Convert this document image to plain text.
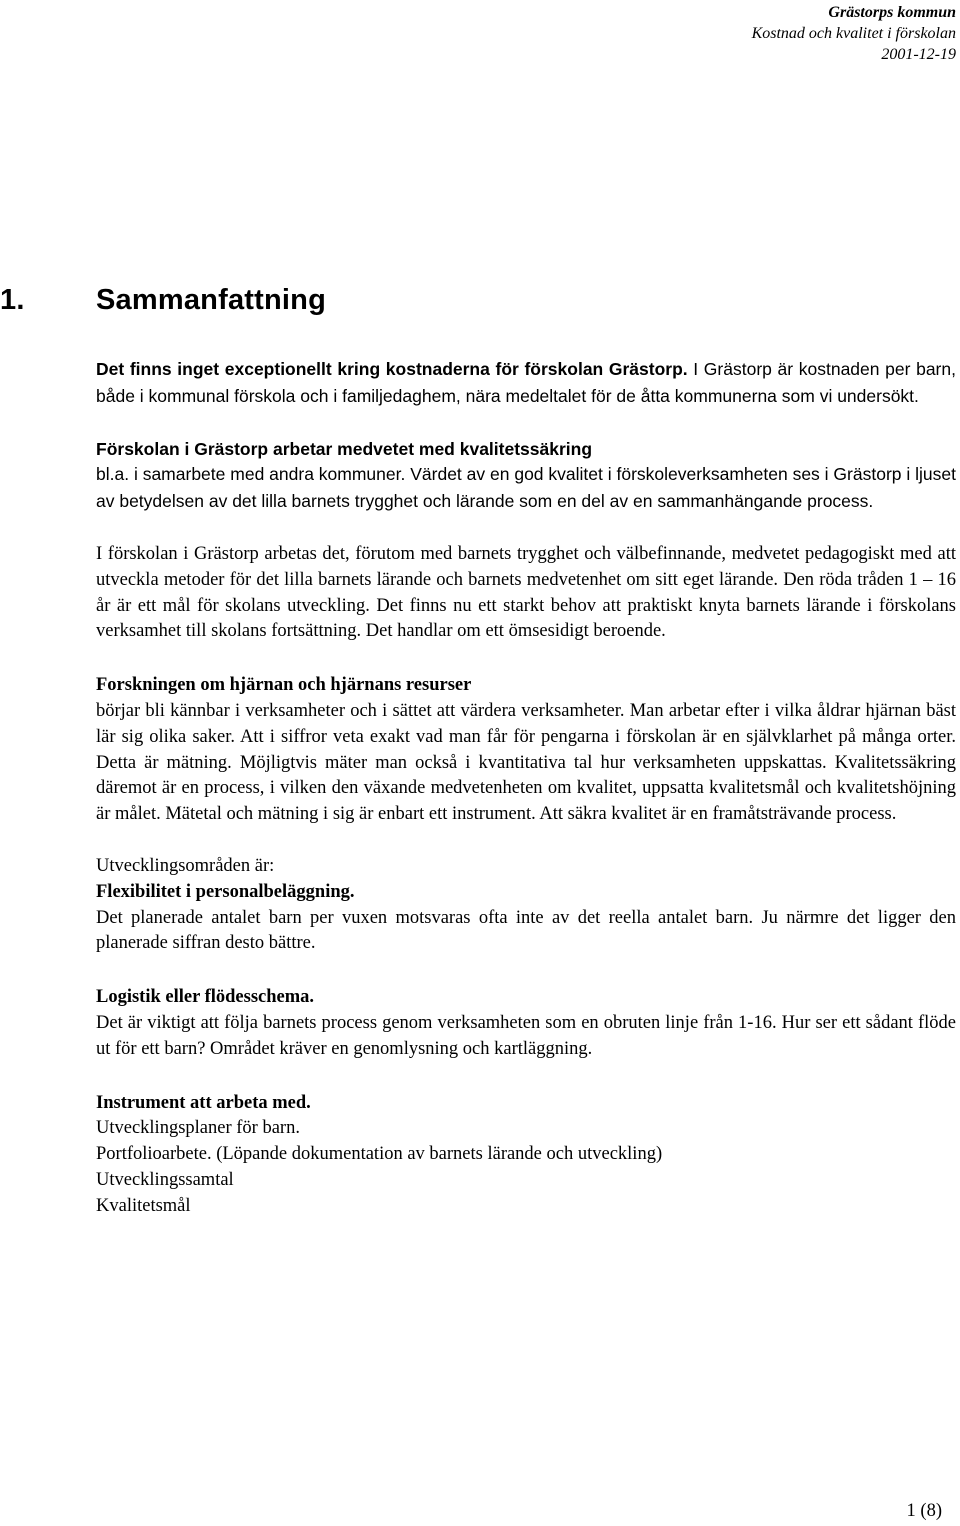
Grästorps kommun
Kostnad och kvalitet i förskolan
2001-12-19
1. Sammanfattning

Det finns inget exceptionellt kring kostnaderna för förskolan Grästorp. I Grästorp är kostnaden per barn, både i kommunal förskola och i familjedaghem, nära medeltalet för de åtta kommunerna som vi undersökt.

Förskolan i Grästorp arbetar medvetet med kvalitetssäkring

bl.a. i samarbete med andra kommuner. Värdet av en god kvalitet i förskoleverksamheten ses i Grästorp i ljuset av betydelsen av det lilla barnets trygghet och lärande som en del av en sammanhängande process.

I förskolan i Grästorp arbetas det, förutom med barnets trygghet och välbefinnande, medvetet pedagogiskt med att utveckla metoder för det lilla barnets lärande och barnets medvetenhet om sitt eget lärande. Den röda tråden 1 – 16 år är ett mål för skolans utveckling. Det finns nu ett starkt behov att praktiskt knyta barnets lärande i förskolans verksamhet till skolans fortsättning. Det handlar om ett ömsesidigt beroende.

Forskningen om hjärnan och hjärnans resurser

börjar bli kännbar i verksamheter och i sättet att värdera verksamheter. Man arbetar efter i vilka åldrar hjärnan bäst lär sig olika saker. Att i siffror veta exakt vad man får för pengarna i förskolan är en självklarhet på många orter. Detta är mätning. Möjligtvis mäter man också i kvantitativa tal hur verksamheten uppskattas. Kvalitetssäkring däremot är en process, i vilken den växande medvetenheten om kvalitet, uppsatta kvalitetsmål och kvalitetshöjning är målet. Mätetal och mätning i sig är enbart ett instrument. Att säkra kvalitet är en framåtsträvande process.

Utvecklingsområden är:

Flexibilitet i personalbeläggning.

Det planerade antalet barn per vuxen motsvaras ofta inte av det reella antalet barn. Ju närmre det ligger den planerade siffran desto bättre.

Logistik eller flödesschema.

Det är viktigt att följa barnets process genom verksamheten som en obruten linje från 1-16. Hur ser ett sådant flöde ut för ett barn? Området kräver en genomlysning och kartläggning.

Instrument att arbeta med.

Utvecklingsplaner för barn.

Portfolioarbete. (Löpande dokumentation av barnets lärande och utveckling)

Utvecklingssamtal

Kvalitetsmål

1 (8)
